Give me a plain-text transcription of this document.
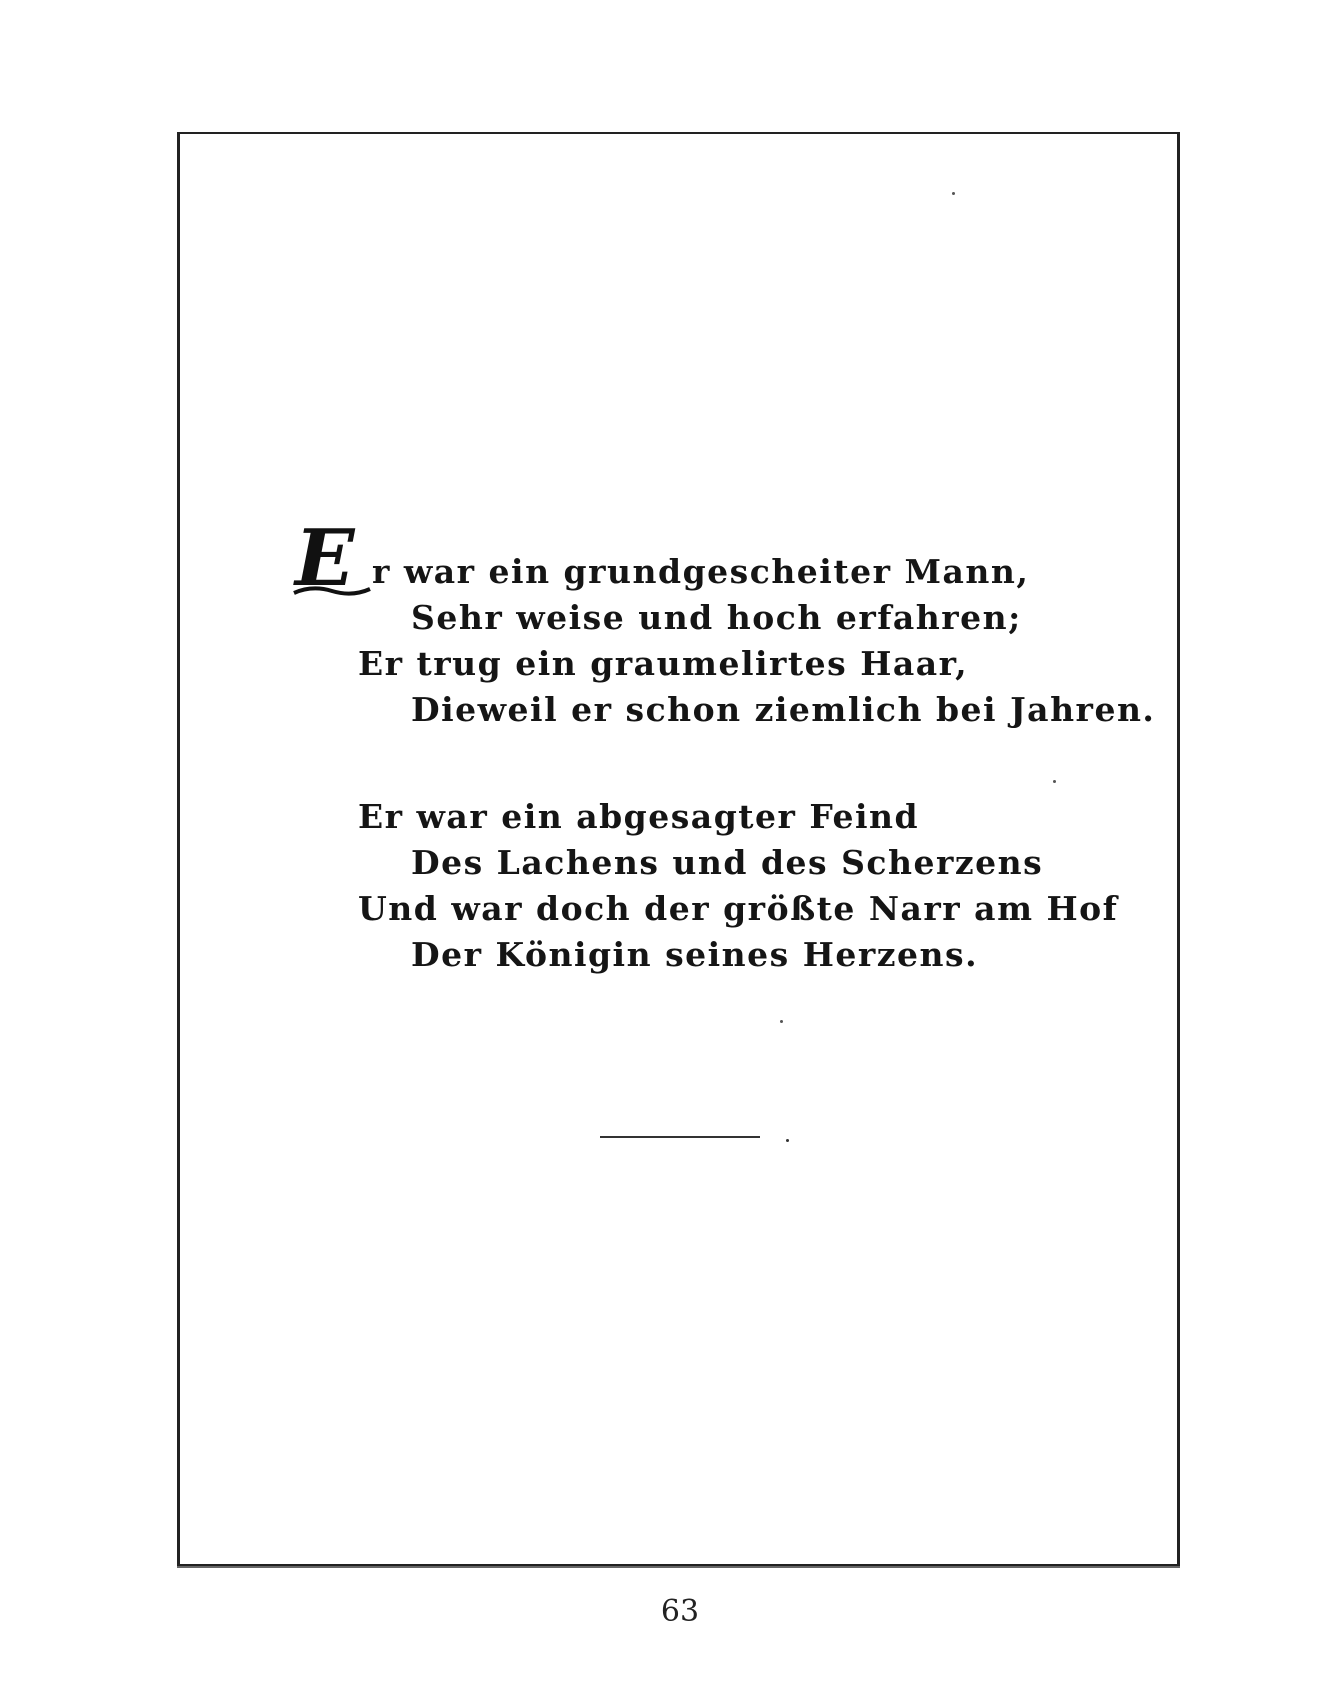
E r war ein grundgescheiter Mann,
Sehr weise und hoch erfahren;
Er trug ein graumelirtes Haar,
Dieweil er schon ziemlich bei Jahren.
Er war ein abgesagter Feind
Des Lachens und des Scherzens
Und war doch der größte Narr am Hof
Der Königin seines Herzens.
63
